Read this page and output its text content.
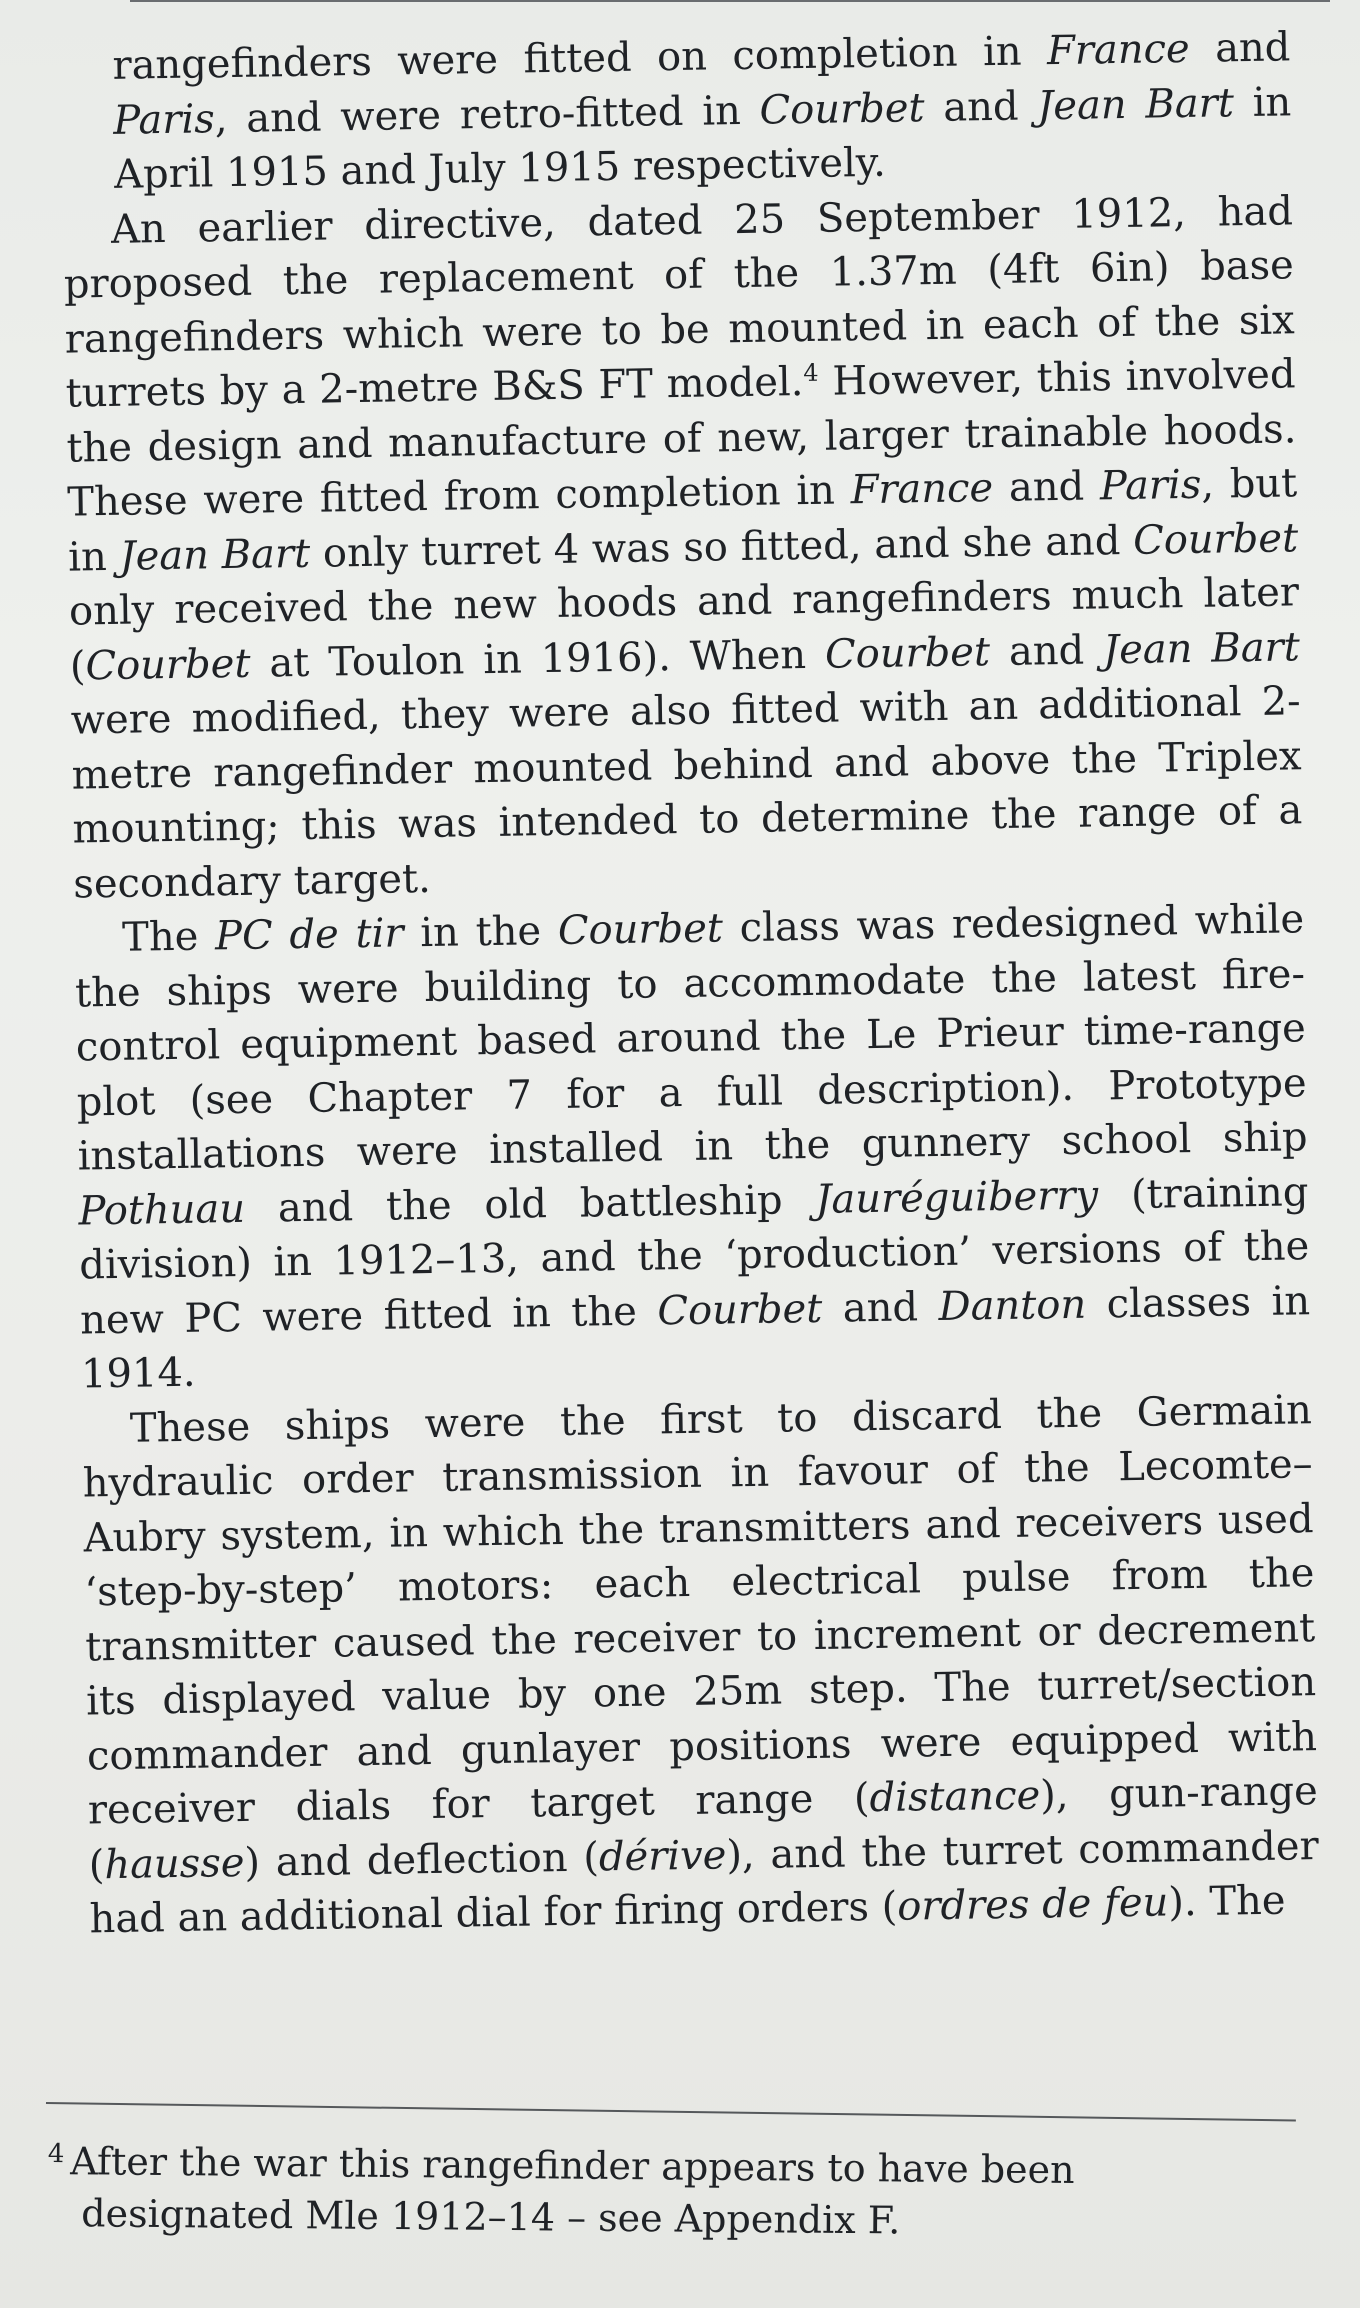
rangefinders were fitted on completion in France and Paris, and were retro-fitted in Courbet and Jean Bart in April 1915 and July 1915 respectively.

An earlier directive, dated 25 September 1912, had proposed the replacement of the 1.37m (4ft 6in) base rangefinders which were to be mounted in each of the six turrets by a 2-metre B&S FT model.$^4$ However, this involved the design and manufacture of new, larger trainable hoods. These were fitted from completion in France and Paris, but in Jean Bart only turret 4 was so fitted, and she and Courbet only received the new hoods and rangefinders much later (Courbet at Toulon in 1916). When Courbet and Jean Bart were modified, they were also fitted with an additional 2-metre rangefinder mounted behind and above the Triplex mounting; this was intended to determine the range of a secondary target.

The PC de tir in the Courbet class was redesigned while the ships were building to accommodate the latest fire-control equipment based around the Le Prieur time-range plot (see Chapter 7 for a full description). Prototype installations were installed in the gunnery school ship Pothuau and the old battleship Jauréguiberry (training division) in 1912–13, and the ‘production’ versions of the new PC were fitted in the Courbet and Danton classes in 1914.

These ships were the first to discard the Germain hydraulic order transmission in favour of the Lecomte–Aubry system, in which the transmitters and receivers used ‘step-by-step’ motors: each electrical pulse from the transmitter caused the receiver to increment or decrement its displayed value by one 25m step. The turret/section commander and gunlayer positions were equipped with receiver dials for target range (distance), gun-range (hausse) and deflection (dérive), and the turret commander had an additional dial for firing orders (ordres de feu). The

$^4$ After the war this rangefinder appears to have been
designated Mle 1912–14 – see Appendix F.
